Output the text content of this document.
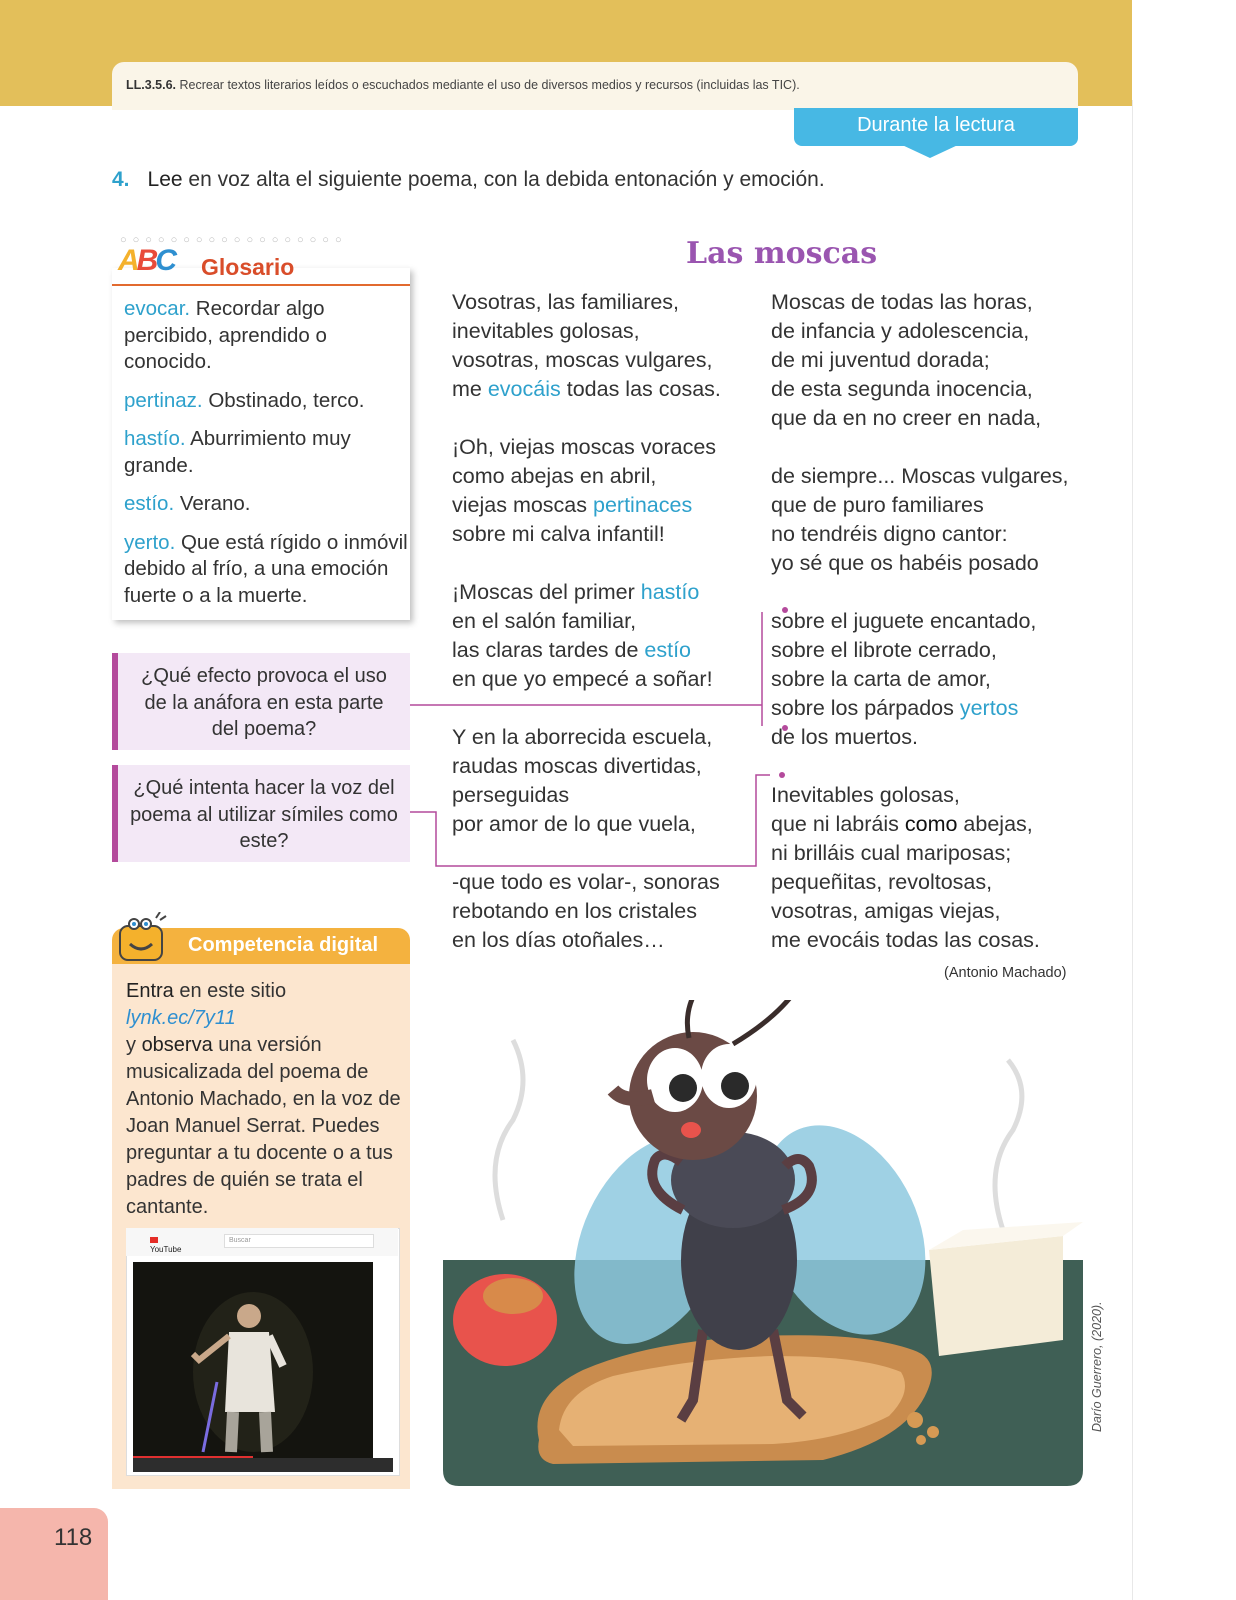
LL.3.5.6. Recrear textos literarios leídos o escuchados mediante el uso de diversos medios y recursos (incluidas las TIC).
Durante la lectura
4. Lee en voz alta el siguiente poema, con la debida entonación y emoción.
○○○○○○○○○○○○○○○○○○
ABC Glosario

evocar. Recordar algo percibido, aprendido o conocido.

pertinaz. Obstinado, terco.

hastío. Aburrimiento muy grande.

estío. Verano.

yerto. Que está rígido o inmóvil debido al frío, a una emoción fuerte o a la muerte.

¿Qué efecto provoca el uso de la anáfora en esta parte del poema?
¿Qué intenta hacer la voz del poema al utilizar símiles como este?
Competencia digital
Entra en este sitio
lynk.ec/7y11
y observa una versión musicalizada del poema de Antonio Machado, en la voz de Joan Manuel Serrat. Puedes preguntar a tu docente o a tus padres de quién se trata el cantante.
YouTube
Buscar
Las moscas

Vosotras, las familiares,
inevitables golosas,
vosotras, moscas vulgares,
me evocáis todas las cosas.

¡Oh, viejas moscas voraces
como abejas en abril,
viejas moscas pertinaces
sobre mi calva infantil!

¡Moscas del primer hastío
en el salón familiar,
las claras tardes de estío
en que yo empecé a soñar!

Y en la aborrecida escuela,
raudas moscas divertidas,
perseguidas
por amor de lo que vuela,

-que todo es volar-, sonoras
rebotando en los cristales
en los días otoñales…

Moscas de todas las horas,
de infancia y adolescencia,
de mi juventud dorada;
de esta segunda inocencia,
que da en no creer en nada,

de siempre... Moscas vulgares,
que de puro familiares
no tendréis digno cantor:
yo sé que os habéis posado

sobre el juguete encantado,
sobre el librote cerrado,
sobre la carta de amor,
sobre los párpados yertos
de los muertos.

Inevitables golosas,
que ni labráis como abejas,
ni brilláis cual mariposas;
pequeñitas, revoltosas,
vosotras, amigas viejas,
me evocáis todas las cosas.

(Antonio Machado)
Darío Guerrero, (2020).
118
